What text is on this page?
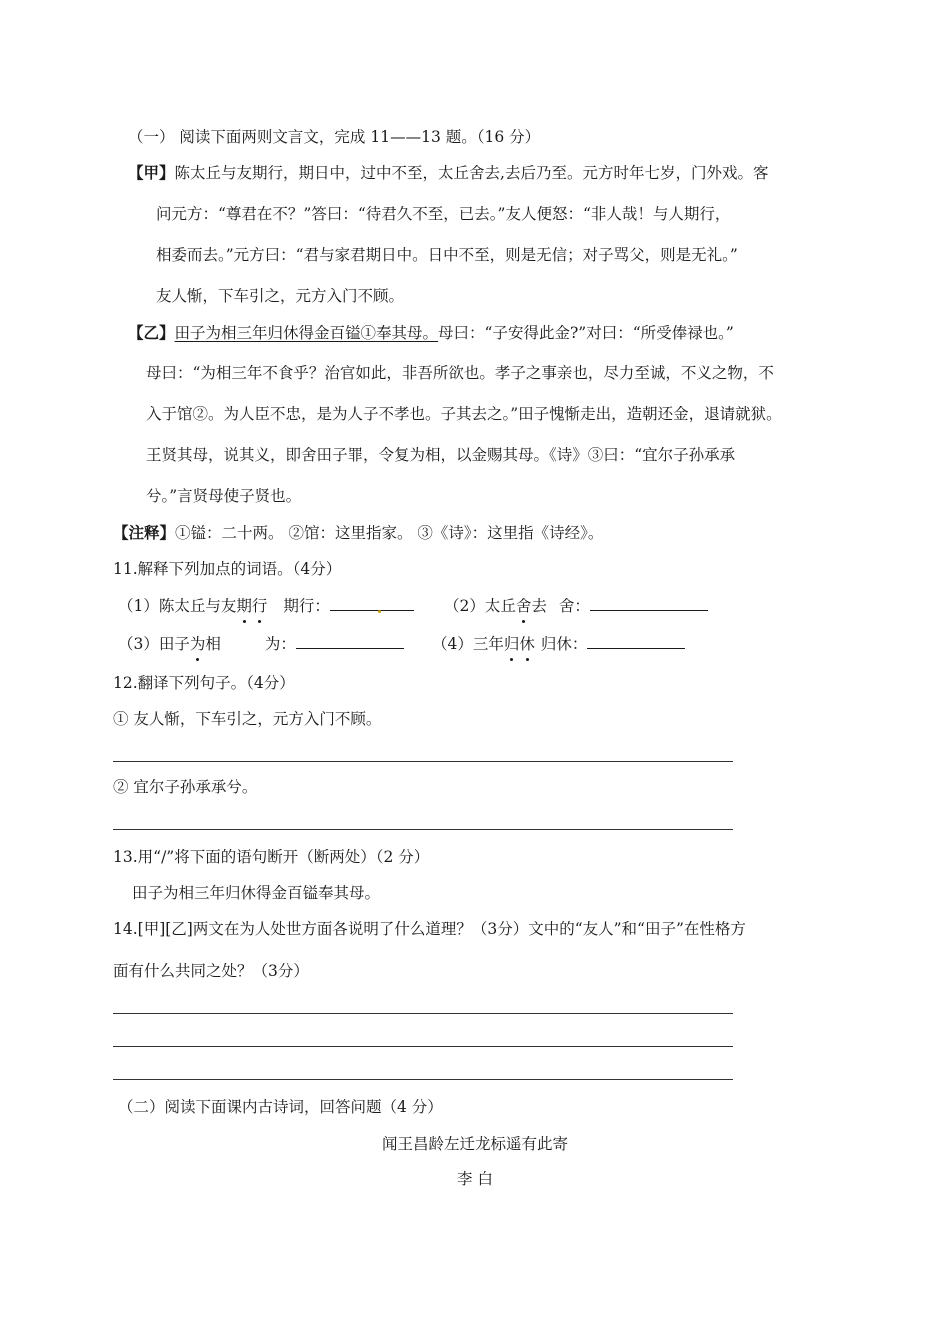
（一） 阅读下面两则文言文，完成 11——13 题。（16 分）
【甲】陈太丘与友期行，期日中，过中不至，太丘舍去,去后乃至。元方时年七岁，门外戏。客
问元方：“尊君在不？”答曰：“待君久不至，已去。”友人便怒：“非人哉！与人期行，
相委而去。”元方曰：“君与家君期日中。日中不至，则是无信；对子骂父，则是无礼。”
友人惭，下车引之，元方入门不顾。
【乙】田子为相三年归休得金百镒①奉其母。母曰：“子安得此金?”对曰：“所受俸禄也。”
母曰：“为相三年不食乎？治官如此，非吾所欲也。孝子之事亲也，尽力至诚，不义之物，不
入于馆②。为人臣不忠，是为人子不孝也。子其去之。”田子愧惭走出，造朝还金，退请就狱。
王贤其母，说其义，即舍田子罪，令复为相，以金赐其母。《诗》③曰：“宜尔子孙承承
兮。”言贤母使子贤也。
【注释】①镒：二十两。 ②馆：这里指家。 ③《诗》：这里指《诗经》。
11.解释下列加点的词语。（4分）
（1）陈太丘与友期行 期行：	（2）太丘舍去 舍：
（3）田子为相	为：	（4）三年归休 归休：
12.翻译下列句子。（4分）
① 友人惭，下车引之，元方入门不顾。
② 宜尔子孙承承兮。
13.用“/”将下面的语句断开（断两处）（2 分）
田子为相三年归休得金百镒奉其母。
14.[甲][乙]两文在为人处世方面各说明了什么道理？（3分）文中的“友人”和“田子”在性格方
面有什么共同之处？（3分）
（二）阅读下面课内古诗词，回答问题（4 分）
闻王昌龄左迁龙标遥有此寄
李 白
